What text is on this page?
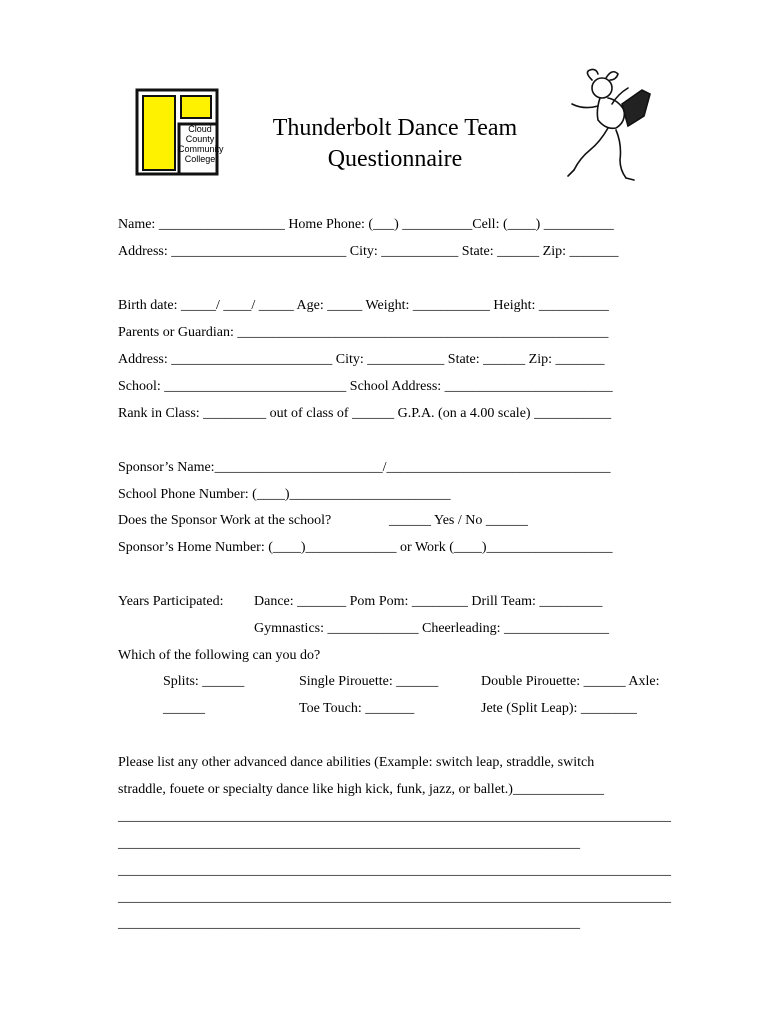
Cloud County Community College
Thunderbolt Dance Team
Questionnaire
Name: __________________ Home Phone: (___) __________Cell: (____) __________
Address: _________________________ City: ___________ State: ______ Zip: _______
Birth date: _____/ ____/ _____ Age: _____ Weight: ___________ Height: __________
Parents or Guardian: _____________________________________________________
Address: _______________________ City: ___________ State: ______ Zip: _______
School: __________________________ School Address: ________________________
Rank in Class: _________ out of class of ______ G.P.A. (on a 4.00 scale) ___________
Sponsor’s Name:________________________/________________________________
School Phone Number: (____)_______________________
Does the Sponsor Work at the school?	______ Yes / No ______
Sponsor’s Home Number: (____)_____________ or Work (____)__________________
Years Participated: Dance: _______ Pom Pom: ________ Drill Team: _________
Gymnastics: _____________ Cheerleading: _______________
Which of the following can you do?
Splits: ______	Single Pirouette: ______	Double Pirouette: ______ Axle:
______	Toe Touch: _______	Jete (Split Leap): ________
Please list any other advanced dance abilities (Example: switch leap, straddle, switch
straddle, fouete or specialty dance like high kick, funk, jazz, or ballet.)_____________
_______________________________________________________________________________
__________________________________________________________________
_______________________________________________________________________________
_______________________________________________________________________________
__________________________________________________________________
